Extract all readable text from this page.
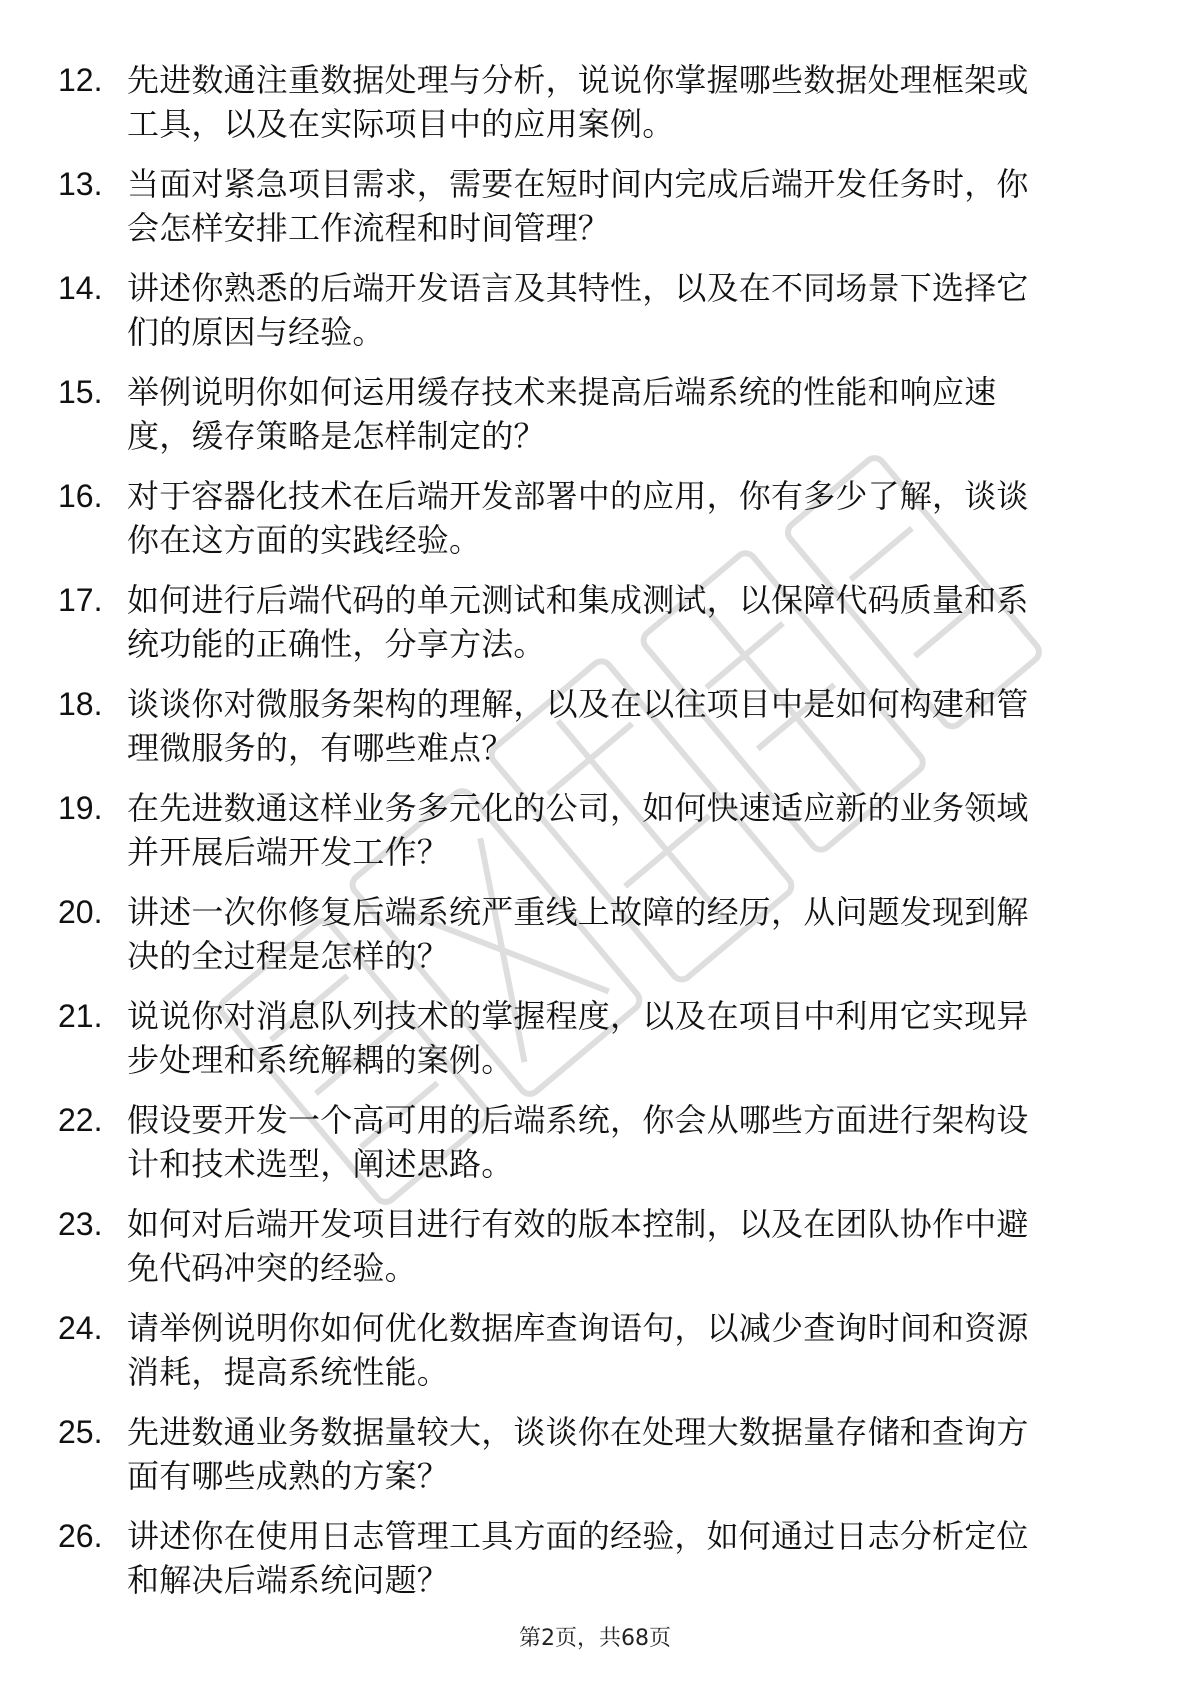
12. 先进数通注重数据处理与分析，说说你掌握哪些数据处理框架或
工具，以及在实际项目中的应用案例。
13. 当面对紧急项目需求，需要在短时间内完成后端开发任务时，你
会怎样安排工作流程和时间管理？
14. 讲述你熟悉的后端开发语言及其特性，以及在不同场景下选择它
们的原因与经验。
15. 举例说明你如何运用缓存技术来提高后端系统的性能和响应速
度，缓存策略是怎样制定的？
16. 对于容器化技术在后端开发部署中的应用，你有多少了解，谈谈
你在这方面的实践经验。
17. 如何进行后端代码的单元测试和集成测试，以保障代码质量和系
统功能的正确性，分享方法。
18. 谈谈你对微服务架构的理解，以及在以往项目中是如何构建和管
理微服务的，有哪些难点？
19. 在先进数通这样业务多元化的公司，如何快速适应新的业务领域
并开展后端开发工作？
20. 讲述一次你修复后端系统严重线上故障的经历，从问题发现到解
决的全过程是怎样的？
21. 说说你对消息队列技术的掌握程度，以及在项目中利用它实现异
步处理和系统解耦的案例。
22. 假设要开发一个高可用的后端系统，你会从哪些方面进行架构设
计和技术选型，阐述思路。
23. 如何对后端开发项目进行有效的版本控制，以及在团队协作中避
免代码冲突的经验。
24. 请举例说明你如何优化数据库查询语句，以减少查询时间和资源
消耗，提高系统性能。
25. 先进数通业务数据量较大，谈谈你在处理大数据量存储和查询方
面有哪些成熟的方案？
26. 讲述你在使用日志管理工具方面的经验，如何通过日志分析定位
和解决后端系统问题？
第2页，共68页
